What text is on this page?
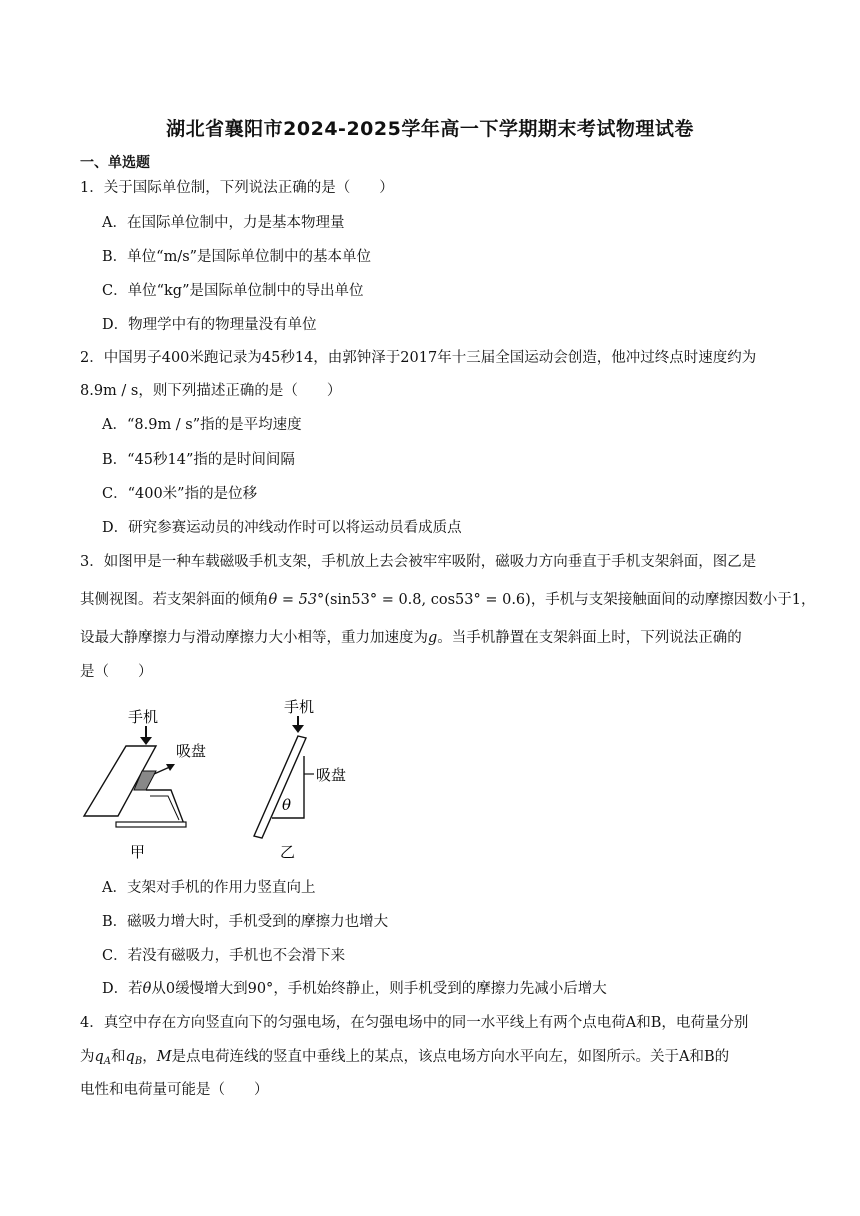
湖北省襄阳市2024-2025学年高一下学期期末考试物理试卷
一、单选题
1．关于国际单位制，下列说法正确的是（　　）
A．在国际单位制中，力是基本物理量
B．单位“m/s”是国际单位制中的基本单位
C．单位“kg”是国际单位制中的导出单位
D．物理学中有的物理量没有单位
2．中国男子400米跑记录为45秒14，由郭钟泽于2017年十三届全国运动会创造，他冲过终点时速度约为
8.9m / s，则下列描述正确的是（　　）
A．“8.9m / s”指的是平均速度
B．“45秒14”指的是时间间隔
C．“400米”指的是位移
D．研究参赛运动员的冲线动作时可以将运动员看成质点
3．如图甲是一种车载磁吸手机支架，手机放上去会被牢牢吸附，磁吸力方向垂直于手机支架斜面，图乙是
其侧视图。若支架斜面的倾角θ = 53°(sin53° = 0.8, cos53° = 0.6)，手机与支架接触面间的动摩擦因数小于1，
设最大静摩擦力与滑动摩擦力大小相等，重力加速度为g。当手机静置在支架斜面上时，下列说法正确的
是（　　）
手机
吸盘
甲
手机
吸盘
θ
乙
A．支架对手机的作用力竖直向上
B．磁吸力增大时，手机受到的摩擦力也增大
C．若没有磁吸力，手机也不会滑下来
D．若θ从0缓慢增大到90°，手机始终静止，则手机受到的摩擦力先减小后增大
4．真空中存在方向竖直向下的匀强电场，在匀强电场中的同一水平线上有两个点电荷A和B，电荷量分别
为$q_A$和$q_B$，M是点电荷连线的竖直中垂线上的某点，该点电场方向水平向左，如图所示。关于A和B的
电性和电荷量可能是（　　）
